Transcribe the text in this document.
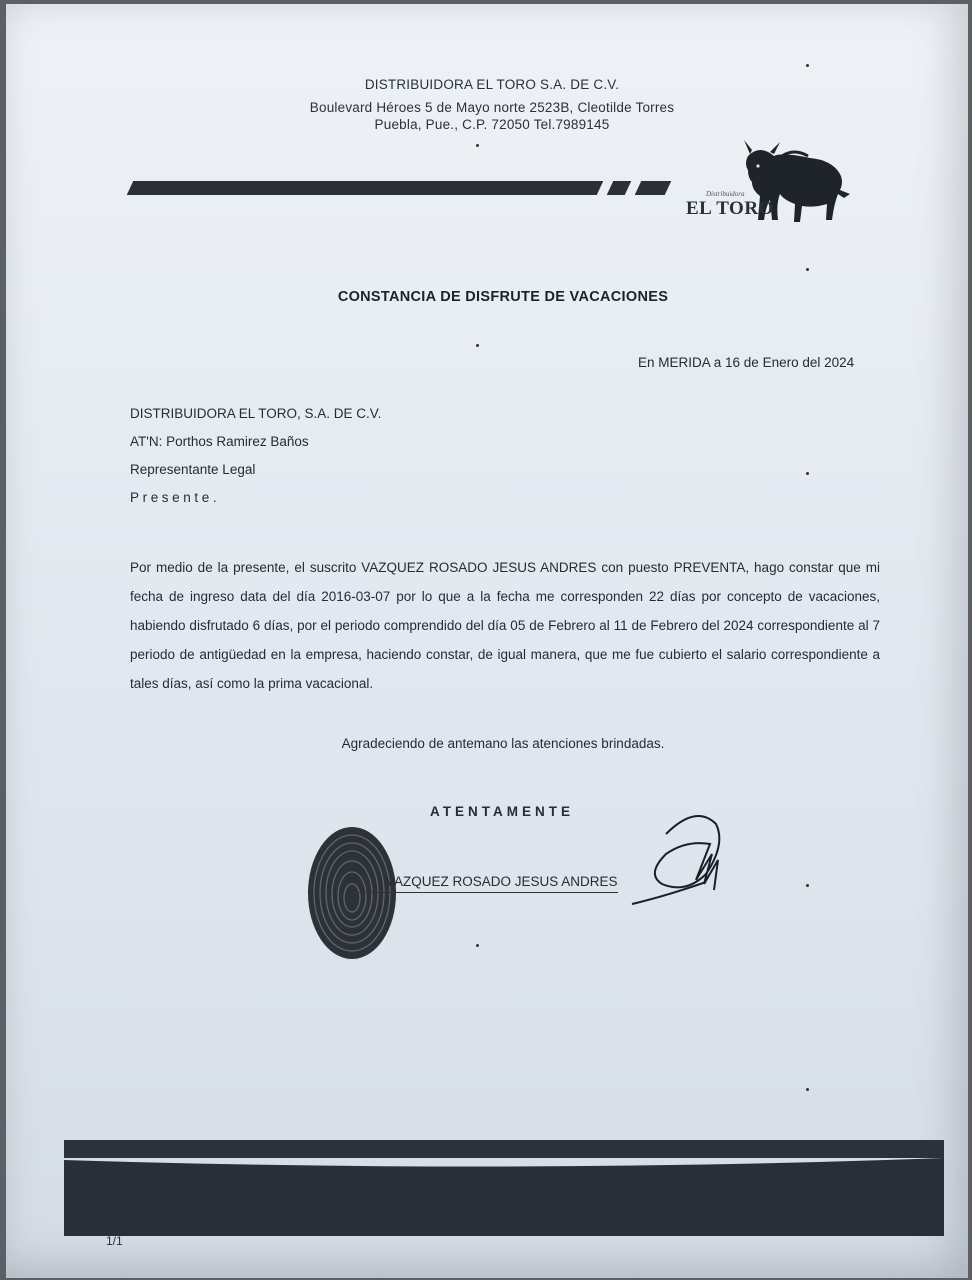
DISTRIBUIDORA EL TORO S.A. DE C.V.
Boulevard Héroes 5 de Mayo norte 2523B, Cleotilde Torres
Puebla, Pue., C.P. 72050 Tel.7989145
Distribuidora
EL TORO
CONSTANCIA DE DISFRUTE DE VACACIONES
En MERIDA a 16 de Enero del 2024
DISTRIBUIDORA EL TORO, S.A. DE C.V.
AT'N: Porthos Ramirez Baños
Representante Legal
Presente.
Por medio de la presente, el suscrito VAZQUEZ ROSADO JESUS ANDRES con puesto PREVENTA, hago constar que mi fecha de ingreso data del día 2016-03-07 por lo que a la fecha me corresponden 22 días por concepto de vacaciones, habiendo disfrutado 6 días, por el periodo comprendido del día 05 de Febrero al 11 de Febrero del 2024 correspondiente al 7 periodo de antigüedad en la empresa, haciendo constar, de igual manera, que me fue cubierto el salario correspondiente a tales días, así como la prima vacacional.
Agradeciendo de antemano las atenciones brindadas.
ATENTAMENTE
VAZQUEZ ROSADO JESUS ANDRES
1/1
